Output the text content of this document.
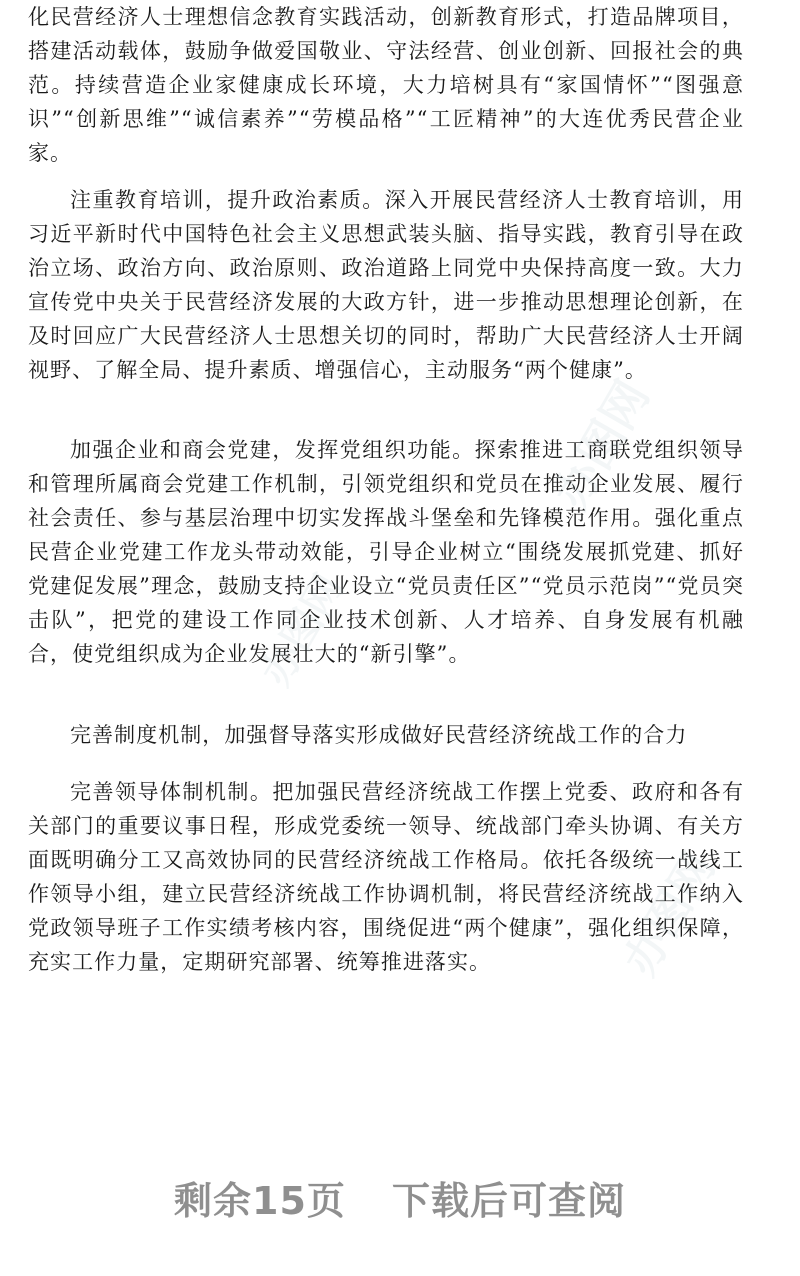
化民营经济人士理想信念教育实践活动，创新教育形式，打造品牌项目，搭建活动载体，鼓励争做爱国敬业、守法经营、创业创新、回报社会的典范。持续营造企业家健康成长环境，大力培树具有“家国情怀”“图强意识”“创新思维”“诚信素养”“劳模品格”“工匠精神”的大连优秀民营企业家。

注重教育培训，提升政治素质。深入开展民营经济人士教育培训，用习近平新时代中国特色社会主义思想武装头脑、指导实践，教育引导在政治立场、政治方向、政治原则、政治道路上同党中央保持高度一致。大力宣传党中央关于民营经济发展的大政方针，进一步推动思想理论创新，在及时回应广大民营经济人士思想关切的同时，帮助广大民营经济人士开阔视野、了解全局、提升素质、增强信心，主动服务“两个健康”。

加强企业和商会党建，发挥党组织功能。探索推进工商联党组织领导和管理所属商会党建工作机制，引领党组织和党员在推动企业发展、履行社会责任、参与基层治理中切实发挥战斗堡垒和先锋模范作用。强化重点民营企业党建工作龙头带动效能，引导企业树立“围绕发展抓党建、抓好党建促发展”理念，鼓励支持企业设立“党员责任区”“党员示范岗”“党员突击队”，把党的建设工作同企业技术创新、人才培养、自身发展有机融合，使党组织成为企业发展壮大的“新引擎”。

完善制度机制，加强督导落实形成做好民营经济统战工作的合力

完善领导体制机制。把加强民营经济统战工作摆上党委、政府和各有关部门的重要议事日程，形成党委统一领导、统战部门牵头协调、有关方面既明确分工又高效协同的民营经济统战工作格局。依托各级统一战线工作领导小组，建立民营经济统战工作协调机制，将民营经济统战工作纳入党政领导班子工作实绩考核内容，围绕促进“两个健康”，强化组织保障，充实工作力量，定期研究部署、统筹推进落实。

办图网
办图网
办图网
剩余15页 下载后可查阅
